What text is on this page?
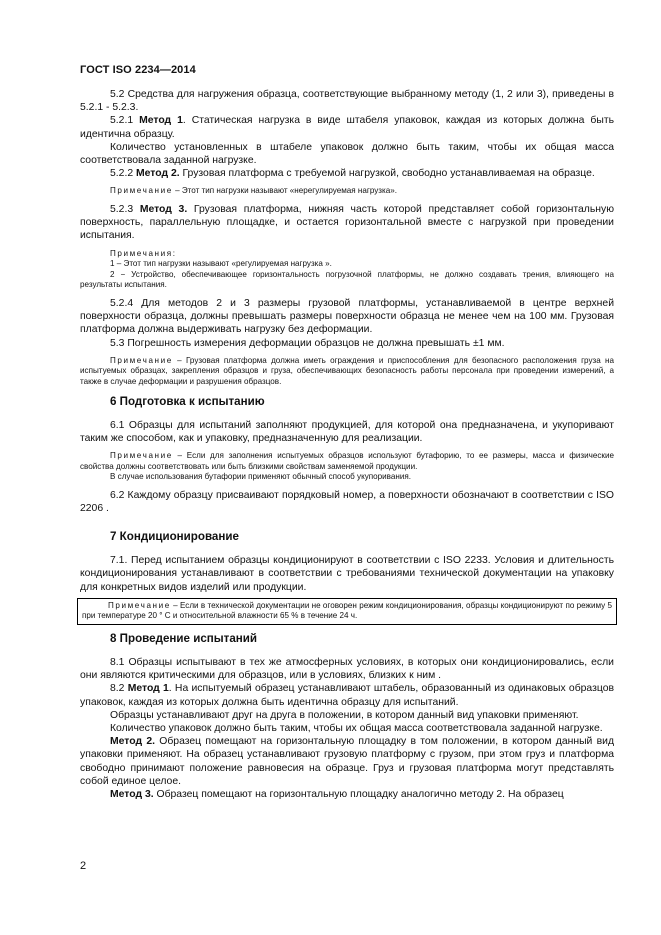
ГОСТ ISO 2234—2014

5.2 Средства для нагружения образца, соответствующие выбранному методу (1, 2 или 3), приведены в 5.2.1 - 5.2.3.

5.2.1 Метод 1. Статическая нагрузка в виде штабеля упаковок, каждая из которых должна быть идентична образцу.

Количество установленных в штабеле упаковок должно быть таким, чтобы их общая масса соответствовала заданной нагрузке.

5.2.2 Метод 2. Грузовая платформа с требуемой нагрузкой, свободно устанавливаемая на образце.

Примечание – Этот тип нагрузки называют «нерегулируемая нагрузка».

5.2.3 Метод 3. Грузовая платформа, нижняя часть которой представляет собой горизонтальную поверхность, параллельную площадке, и остается горизонтальной вместе с нагрузкой при проведении испытания.

Примечания:

1 – Этот тип нагрузки называют «регулируемая нагрузка ».

2 − Устройство, обеспечивающее горизонтальность погрузочной платформы, не должно создавать трения, влияющего на результаты испытания.

5.2.4 Для методов 2 и 3 размеры грузовой платформы, устанавливаемой в центре верхней поверхности образца, должны превышать размеры поверхности образца не менее чем на 100 мм. Грузовая платформа должна выдерживать нагрузку без деформации.

5.3 Погрешность измерения деформации образцов не должна превышать ±1 мм.

Примечание – Грузовая платформа должна иметь ограждения и приспособления для безопасного расположения груза на испытуемых образцах, закрепления образцов и груза, обеспечивающих безопасность работы персонала при проведении измерений, а также в случае деформации и разрушения образцов.

6 Подготовка к испытанию

6.1 Образцы для испытаний заполняют продукцией, для которой она предназначена, и укупоривают таким же способом, как и упаковку, предназначенную для реализации.

Примечание – Если для заполнения испытуемых образцов используют бутафорию, то ее размеры, масса и физические свойства должны соответствовать или быть близкими свойствам заменяемой продукции.

В случае использования бутафории применяют обычный способ укупоривания.

6.2 Каждому образцу присваивают порядковый номер, а поверхности обозначают в соответствии с ISO 2206 .

7 Кондиционирование

7.1. Перед испытанием образцы кондиционируют в соответствии с ISO 2233. Условия и длительность кондиционирования устанавливают в соответствии с требованиями технической документации на упаковку для конкретных видов изделий или продукции.

Примечание – Если в технической документации не оговорен режим кондиционирования, образцы кондиционируют по режиму 5 при температуре 20 ° С и относительной влажности 65 % в течение 24 ч.

8 Проведение испытаний

8.1 Образцы испытывают в тех же атмосферных условиях, в которых они кондиционировались, если они являются критическими для образцов, или в условиях, близких к ним .

8.2 Метод 1. На испытуемый образец устанавливают штабель, образованный из одинаковых образцов упаковок, каждая из которых должна быть идентична образцу для испытаний.

Образцы устанавливают друг на друга в положении, в котором данный вид упаковки применяют.

Количество упаковок должно быть таким, чтобы их общая масса соответствовала заданной нагрузке.

Метод 2. Образец помещают на горизонтальную площадку в том положении, в котором данный вид упаковки применяют. На образец устанавливают грузовую платформу с грузом, при этом груз и платформа свободно принимают положение равновесия на образце. Груз и грузовая платформа могут представлять собой единое целое.

Метод 3. Образец помещают на горизонтальную площадку аналогично методу 2. На образец

2
